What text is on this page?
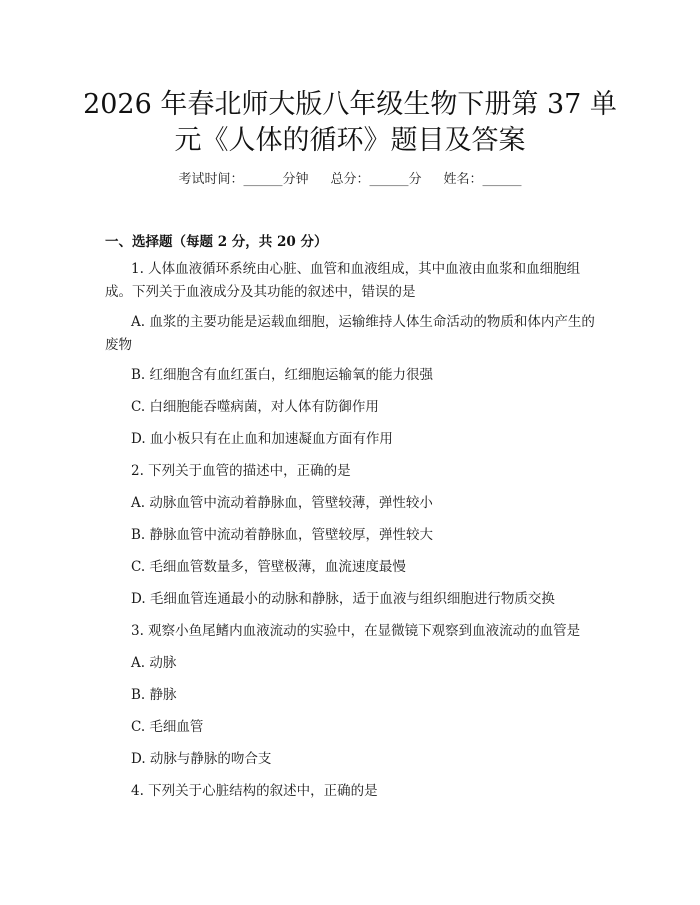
2026 年春北师大版八年级生物下册第 37 单
元《人体的循环》题目及答案
考试时间：______分钟 总分：______分 姓名：______
一、选择题（每题 2 分，共 20 分）

1. 人体血液循环系统由心脏、血管和血液组成，其中血液由血浆和血细胞组成。下列关于血液成分及其功能的叙述中，错误的是

A. 血浆的主要功能是运载血细胞，运输维持人体生命活动的物质和体内产生的废物

B. 红细胞含有血红蛋白，红细胞运输氧的能力很强

C. 白细胞能吞噬病菌，对人体有防御作用

D. 血小板只有在止血和加速凝血方面有作用

2. 下列关于血管的描述中，正确的是

A. 动脉血管中流动着静脉血，管壁较薄，弹性较小

B. 静脉血管中流动着静脉血，管壁较厚，弹性较大

C. 毛细血管数量多，管壁极薄，血流速度最慢

D. 毛细血管连通最小的动脉和静脉，适于血液与组织细胞进行物质交换

3. 观察小鱼尾鳍内血液流动的实验中，在显微镜下观察到血液流动的血管是

A. 动脉

B. 静脉

C. 毛细血管

D. 动脉与静脉的吻合支

4. 下列关于心脏结构的叙述中，正确的是
